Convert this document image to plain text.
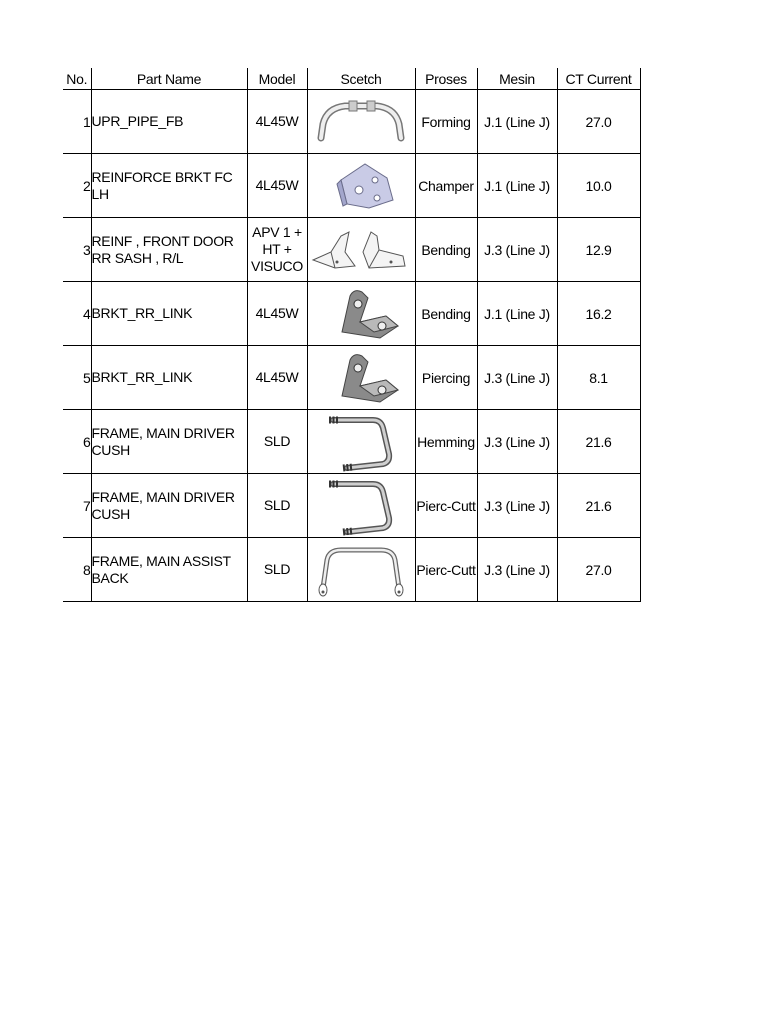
No.	Part Name	Model	Scetch	Proses	Mesin	CT Current
1	UPR_PIPE_FB	4L45W		Forming	J.1 (Line J)	27.0
2	REINFORCE BRKT FC LH	4L45W		Champer	J.1 (Line J)	10.0
3	REINF , FRONT DOOR RR SASH , R/L	APV 1 +
HT +
VISUCO		Bending	J.3 (Line J)	12.9
4	BRKT_RR_LINK	4L45W		Bending	J.1 (Line J)	16.2
5	BRKT_RR_LINK	4L45W		Piercing	J.3 (Line J)	8.1
6	FRAME, MAIN DRIVER CUSH	SLD		Hemming	J.3 (Line J)	21.6
7	FRAME, MAIN DRIVER CUSH	SLD		Pierc-Cutt	J.3 (Line J)	21.6
8	FRAME, MAIN ASSIST BACK	SLD		Pierc-Cutt	J.3 (Line J)	27.0
